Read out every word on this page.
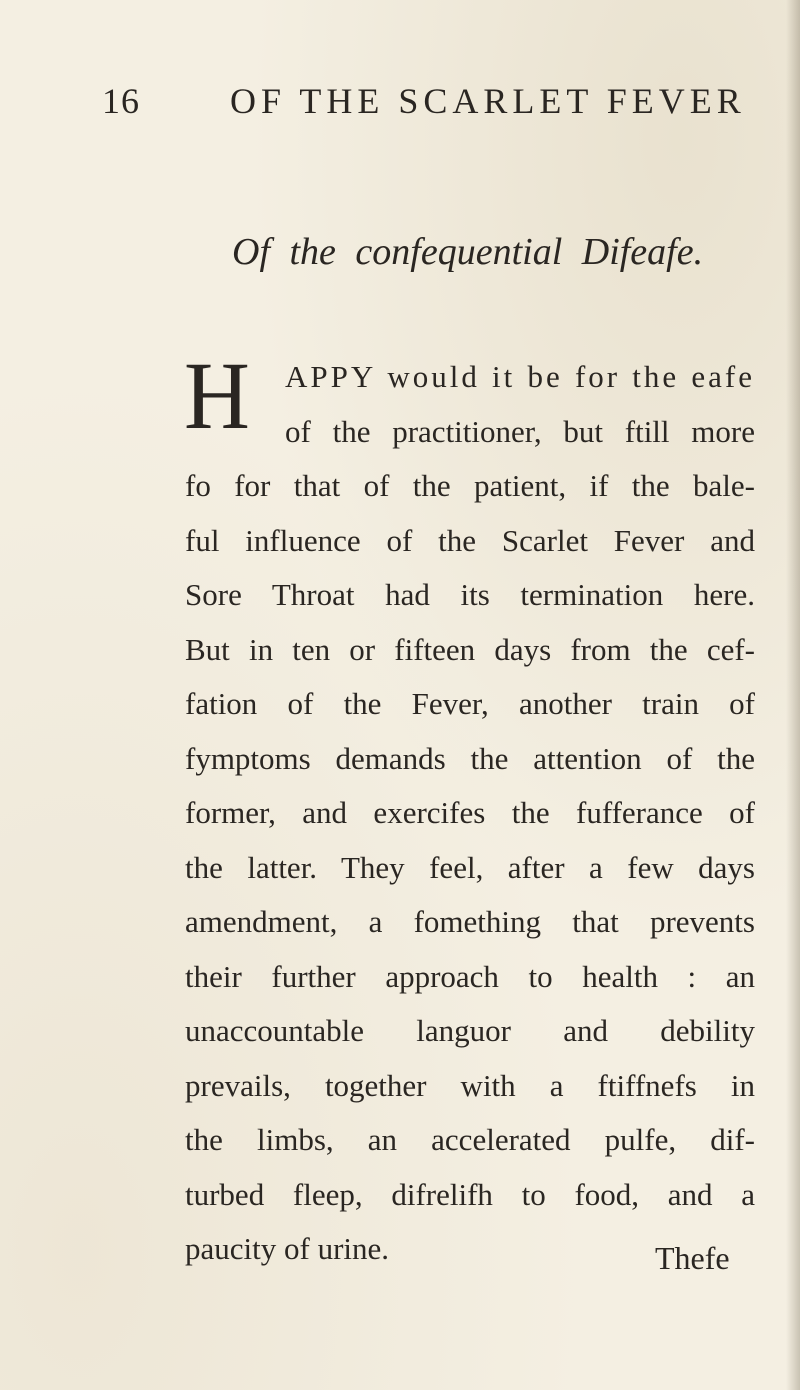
16	OF THE SCARLET FEVER
Of the confequential Difeafe.
H APPY would it be for the eafe
of the practitioner, but ftill more
fo for that of the patient, if the bale-
ful influence of the Scarlet Fever and
Sore Throat had its termination here.
But in ten or fifteen days from the cef-
fation of the Fever, another train of
fymptoms demands the attention of the
former, and exercifes the fufferance of
the latter. They feel, after a few days
amendment, a fomething that prevents
their further approach to health : an
unaccountable languor and debility
prevails, together with a ftiffnefs in
the limbs, an accelerated pulfe, dif-
turbed fleep, difrelifh to food, and a
paucity of urine.	Thefe
